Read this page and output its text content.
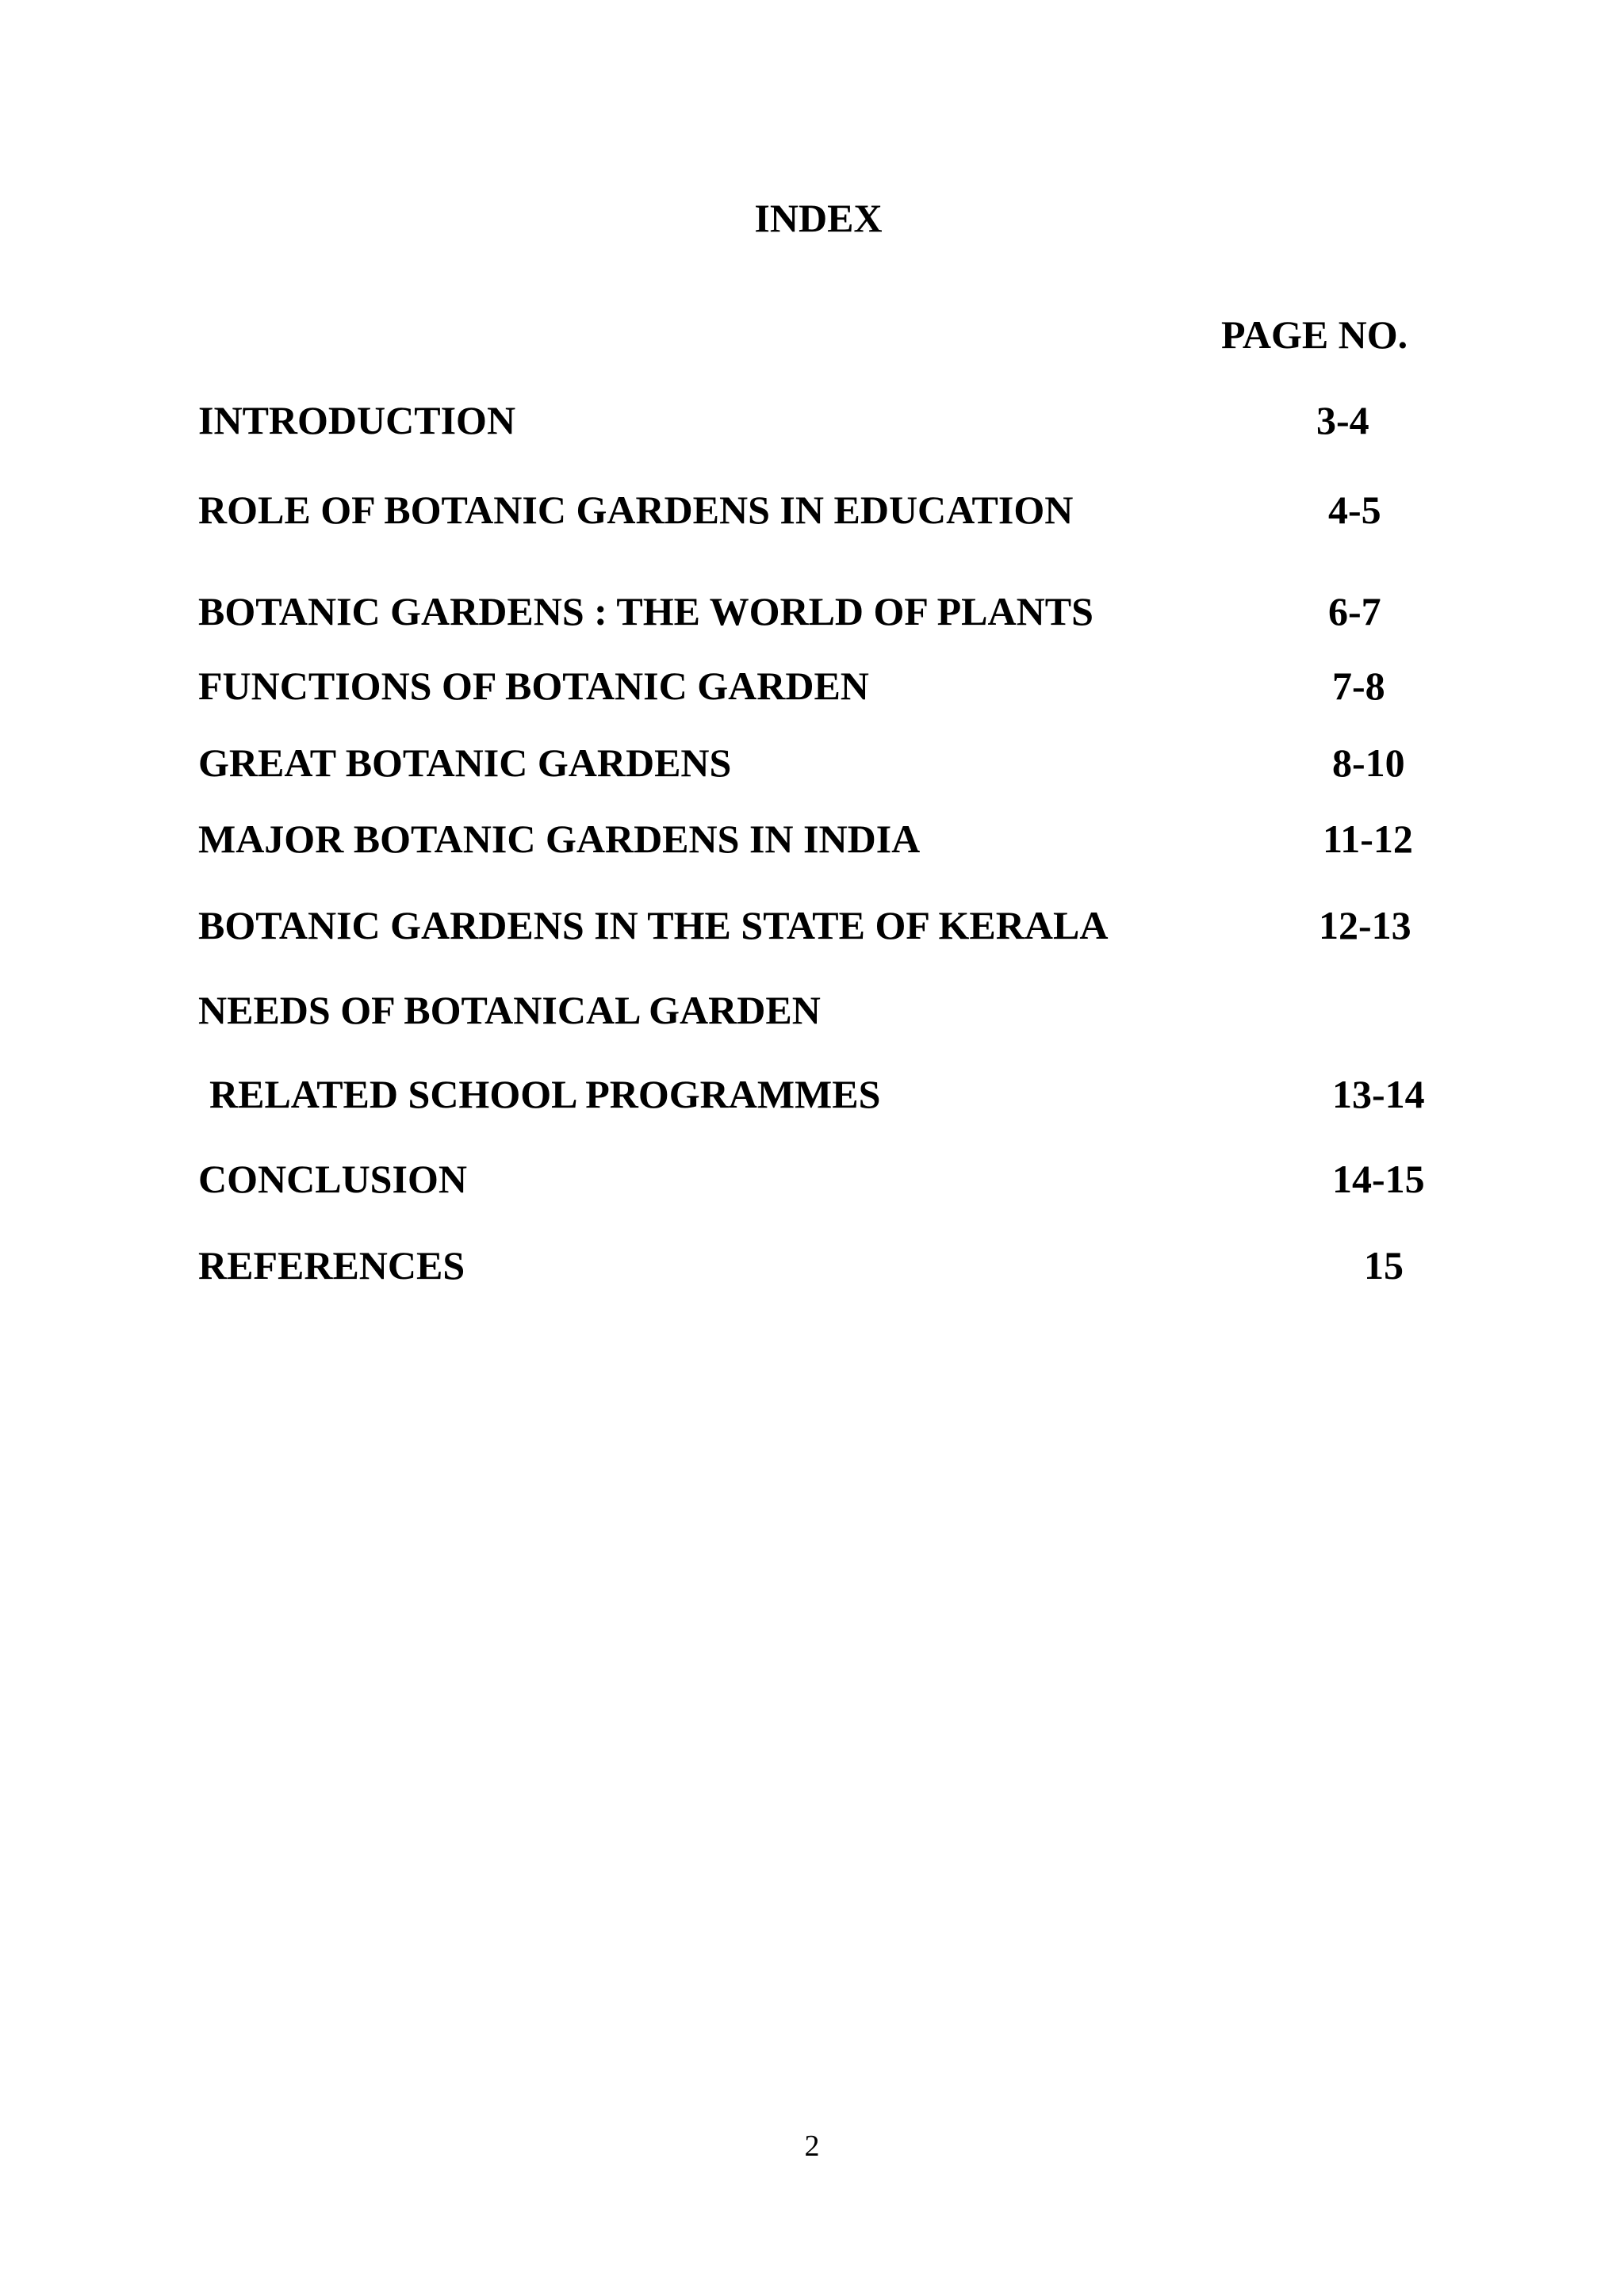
INDEX
PAGE NO.
INTRODUCTION	3-4
ROLE OF BOTANIC GARDENS IN EDUCATION	4-5
BOTANIC GARDENS : THE WORLD OF PLANTS	6-7
FUNCTIONS OF BOTANIC GARDEN	7-8
GREAT BOTANIC GARDENS	8-10
MAJOR BOTANIC GARDENS IN INDIA	11-12
BOTANIC GARDENS IN THE STATE OF KERALA	12-13
NEEDS OF BOTANICAL GARDEN
RELATED SCHOOL PROGRAMMES	13-14
CONCLUSION	14-15
REFERENCES	15
2
